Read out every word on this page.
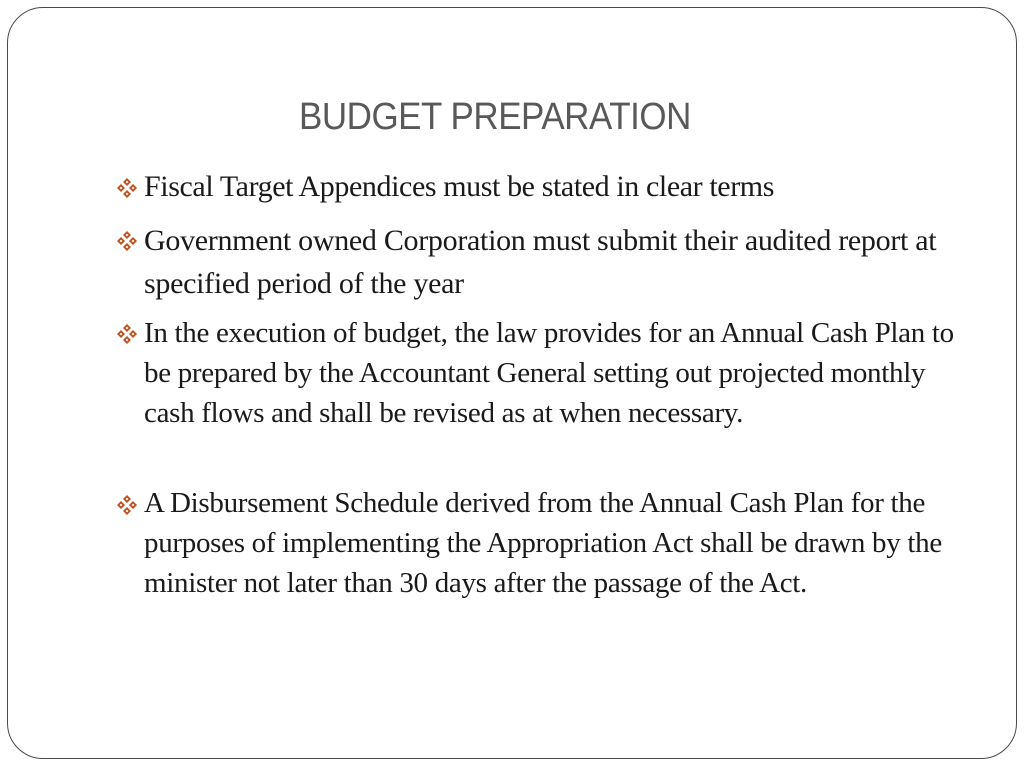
BUDGET PREPARATION

Fiscal Target Appendices must be stated in clear terms

Government owned Corporation must submit their audited report at specified period of the year

In the execution of budget, the law provides for an Annual Cash Plan to be prepared by the Accountant General setting out projected monthly cash flows and shall be revised as at when necessary.

A Disbursement Schedule derived from the Annual Cash Plan for the purposes of implementing the Appropriation Act shall be drawn by the minister not later than 30 days after the passage of the Act.
